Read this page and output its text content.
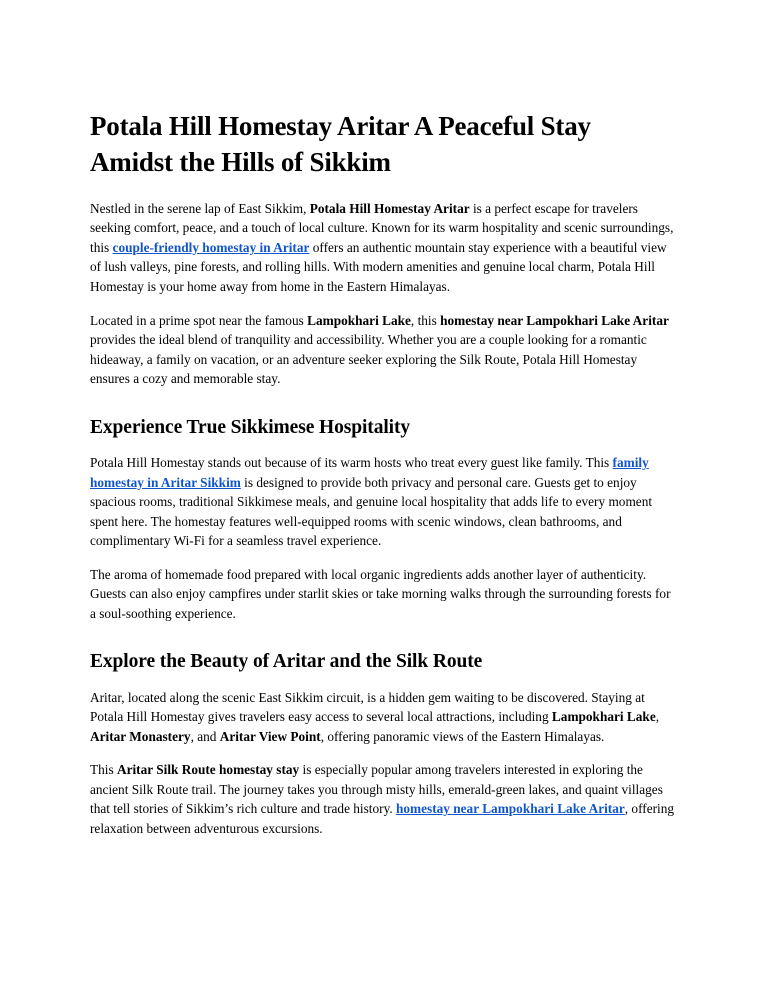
Potala Hill Homestay Aritar A Peaceful Stay Amidst the Hills of Sikkim

Nestled in the serene lap of East Sikkim, Potala Hill Homestay Aritar is a perfect escape for travelers seeking comfort, peace, and a touch of local culture. Known for its warm hospitality and scenic surroundings, this couple-friendly homestay in Aritar offers an authentic mountain stay experience with a beautiful view of lush valleys, pine forests, and rolling hills. With modern amenities and genuine local charm, Potala Hill Homestay is your home away from home in the Eastern Himalayas.

Located in a prime spot near the famous Lampokhari Lake, this homestay near Lampokhari Lake Aritar provides the ideal blend of tranquility and accessibility. Whether you are a couple looking for a romantic hideaway, a family on vacation, or an adventure seeker exploring the Silk Route, Potala Hill Homestay ensures a cozy and memorable stay.

Experience True Sikkimese Hospitality

Potala Hill Homestay stands out because of its warm hosts who treat every guest like family. This family homestay in Aritar Sikkim is designed to provide both privacy and personal care. Guests get to enjoy spacious rooms, traditional Sikkimese meals, and genuine local hospitality that adds life to every moment spent here. The homestay features well-equipped rooms with scenic windows, clean bathrooms, and complimentary Wi-Fi for a seamless travel experience.

The aroma of homemade food prepared with local organic ingredients adds another layer of authenticity. Guests can also enjoy campfires under starlit skies or take morning walks through the surrounding forests for a soul-soothing experience.

Explore the Beauty of Aritar and the Silk Route

Aritar, located along the scenic East Sikkim circuit, is a hidden gem waiting to be discovered. Staying at Potala Hill Homestay gives travelers easy access to several local attractions, including Lampokhari Lake, Aritar Monastery, and Aritar View Point, offering panoramic views of the Eastern Himalayas.

This Aritar Silk Route homestay stay is especially popular among travelers interested in exploring the ancient Silk Route trail. The journey takes you through misty hills, emerald-green lakes, and quaint villages that tell stories of Sikkim’s rich culture and trade history. homestay near Lampokhari Lake Aritar, offering relaxation between adventurous excursions.
